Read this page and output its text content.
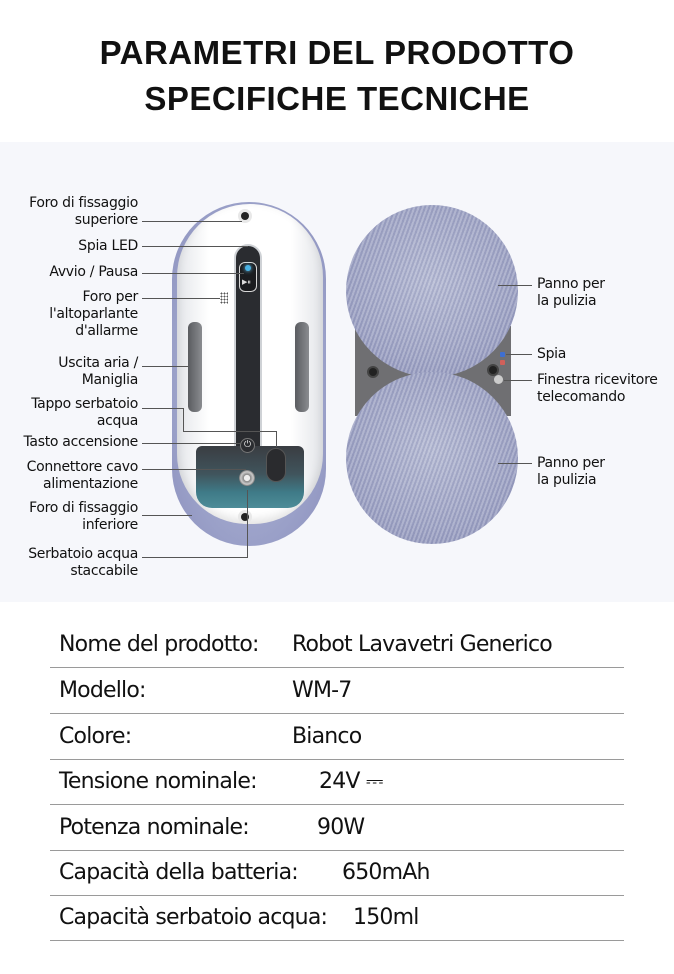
PARAMETRI DEL PRODOTTO
SPECIFICHE TECNICHE
▶⏸
⏻
Foro di fissaggio
superiore
Spia LED
Avvio / Pausa
Foro per
l'altoparlante
d'allarme
Uscita aria /
Maniglia
Tappo serbatoio
acqua
Tasto accensione
Connettore cavo
alimentazione
Foro di fissaggio
inferiore
Serbatoio acqua
staccabile
Panno per
la pulizia
Spia
Finestra ricevitore
telecomando
Panno per
la pulizia
Nome del prodotto: Robot Lavavetri Generico
Modello:	WM-7
Colore:	Bianco
Tensione nominale:	24V ⎓
Potenza nominale:	90W
Capacità della batteria: 650mAh
Capacità serbatoio acqua: 150ml
